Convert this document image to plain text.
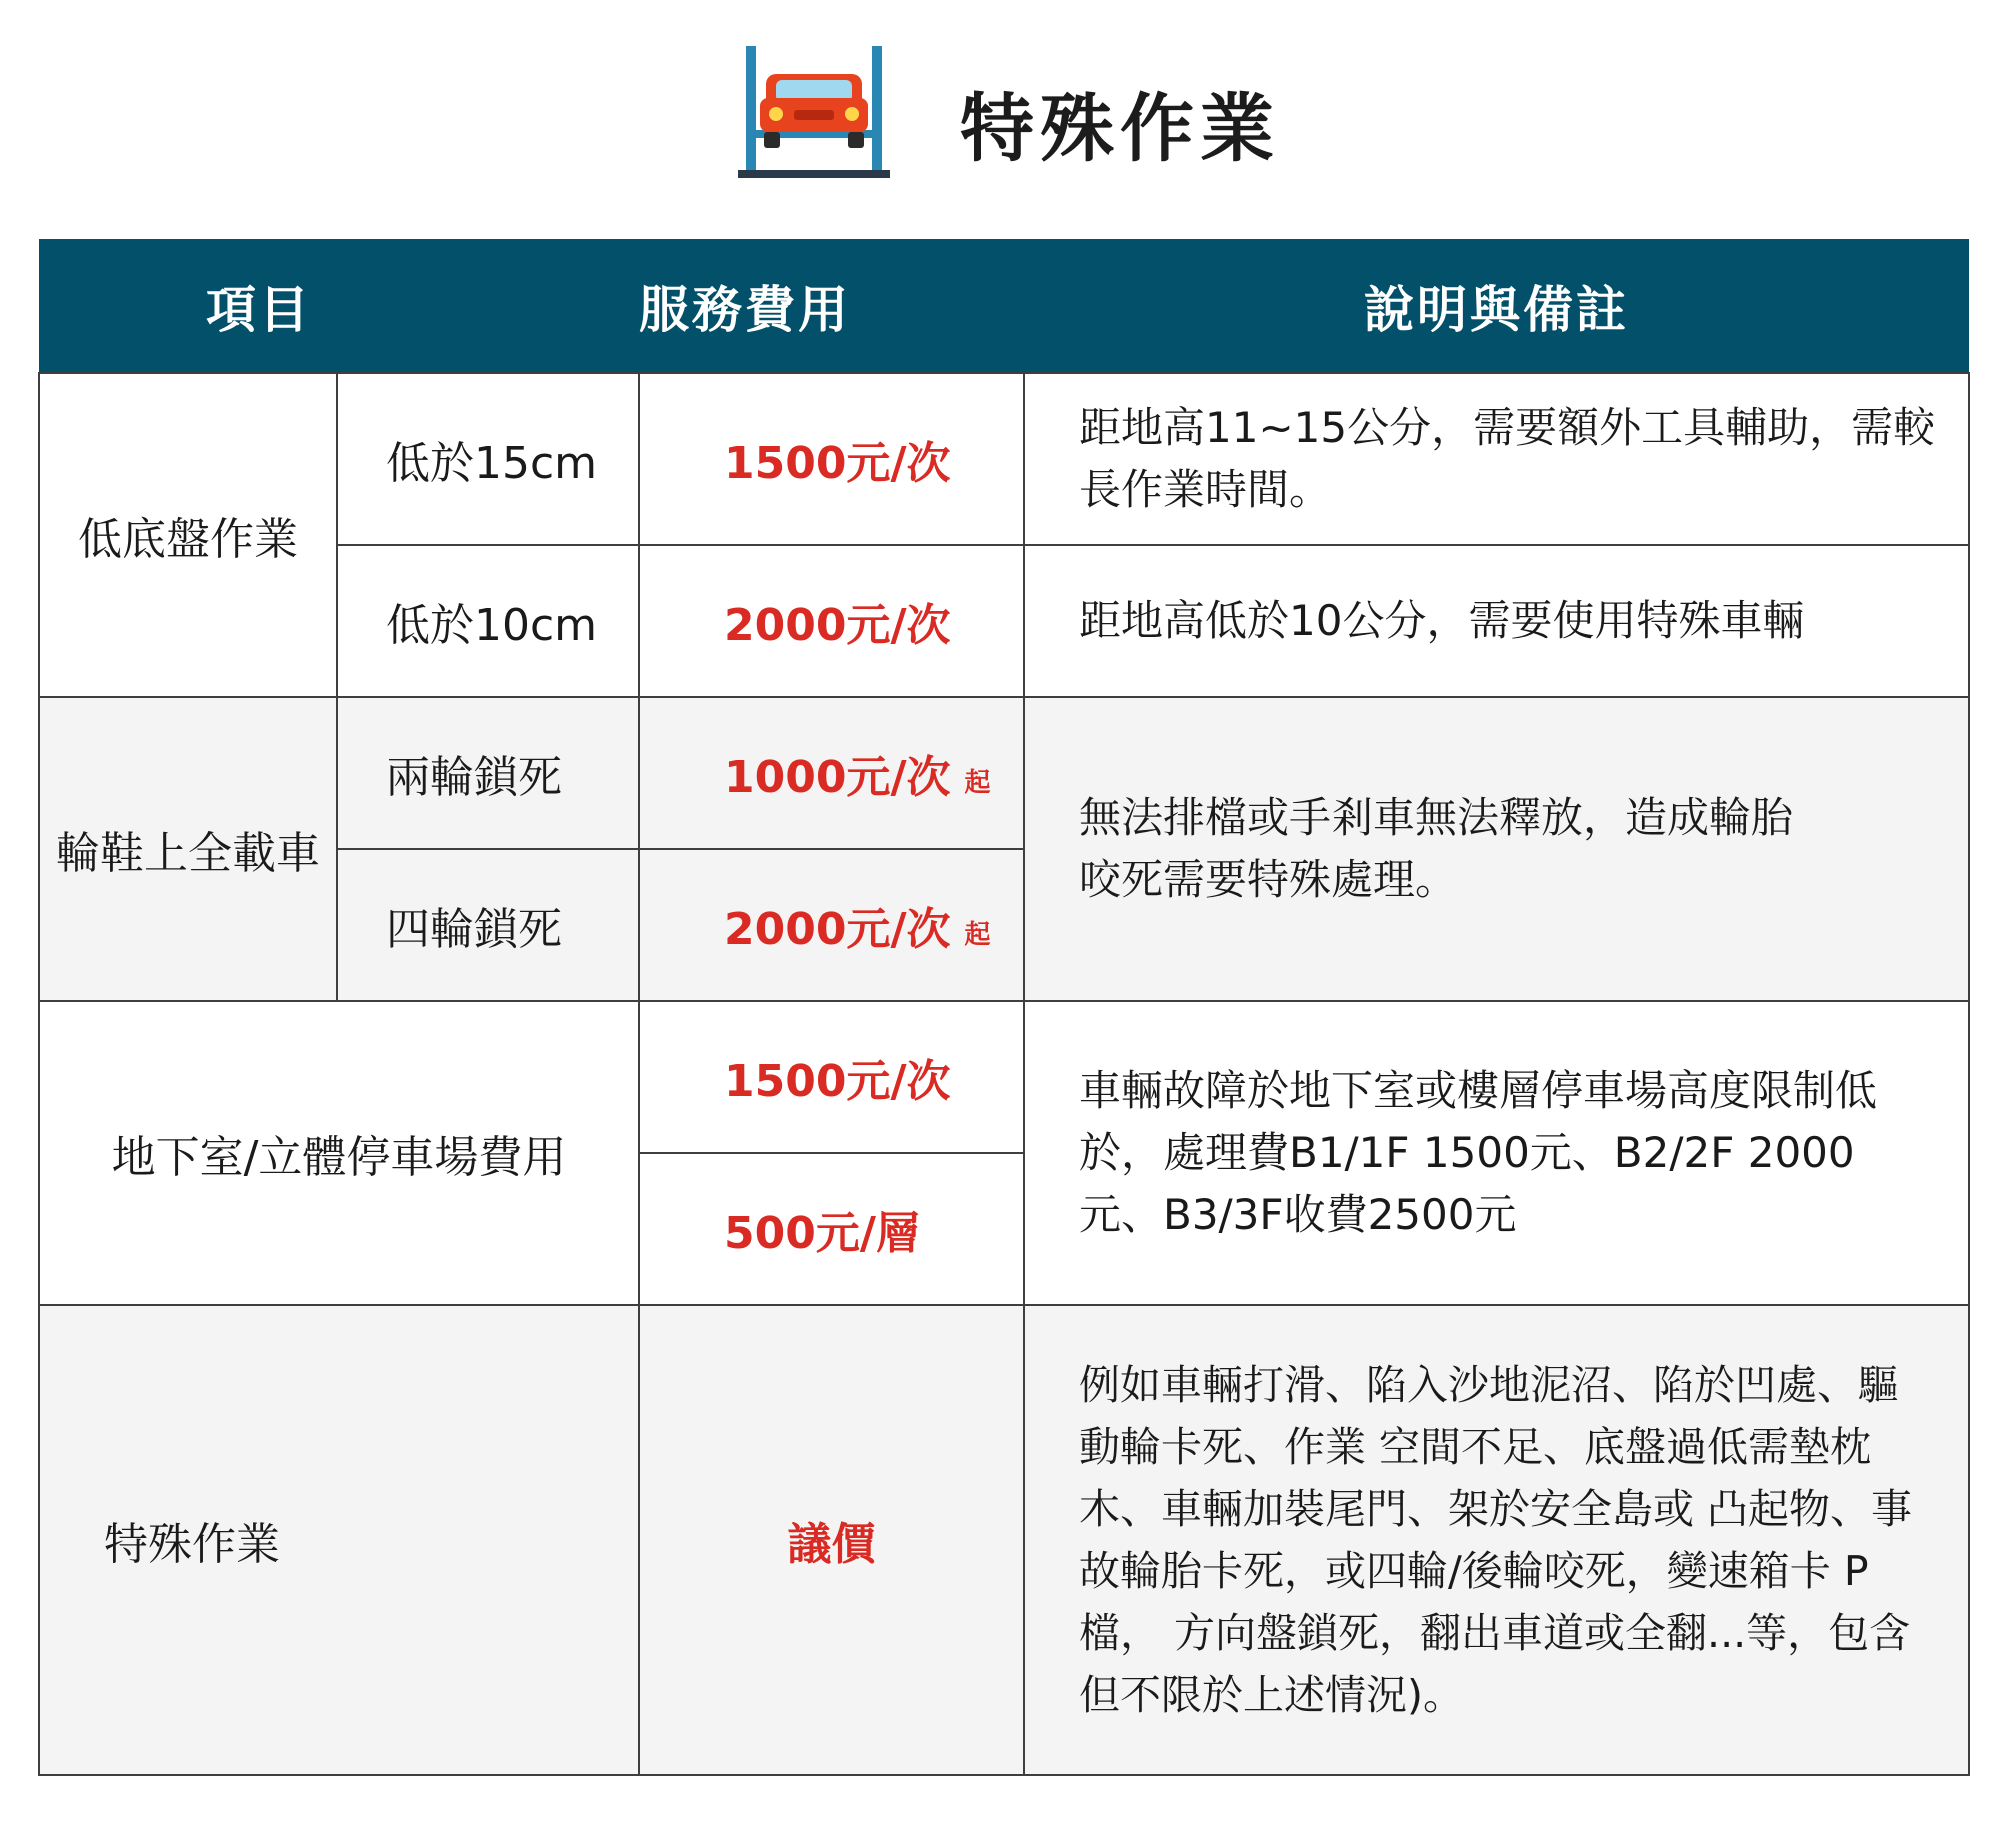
特殊作業
項目		服務費用	說明與備註
低底盤作業	低於15cm	1500元/次	距地高11~15公分，需要額外工具輔助，需較長作業時間。
	低於10cm	2000元/次	距地高低於10公分，需要使用特殊車輛
輪鞋上全載車	兩輪鎖死	1000元/次 起	無法排檔或手剎車無法釋放，造成輪胎咬死需要特殊處理。
	四輪鎖死	2000元/次 起	
地下室/立體停車場費用		1500元/次	車輛故障於地下室或樓層停車場高度限制低於，處理費B1/1F 1500元、B2/2F 2000元、B3/3F收費2500元
		500元/層	
特殊作業		議價	例如車輛打滑、陷入沙地泥沼、陷於凹處、驅動輪卡死、作業 空間不足、底盤過低需墊枕木、車輛加裝尾門、架於安全島或 凸起物、事故輪胎卡死，或四輪/後輪咬死，變速箱卡 P 檔， 方向盤鎖死，翻出車道或全翻...等，包含但不限於上述情況)。
